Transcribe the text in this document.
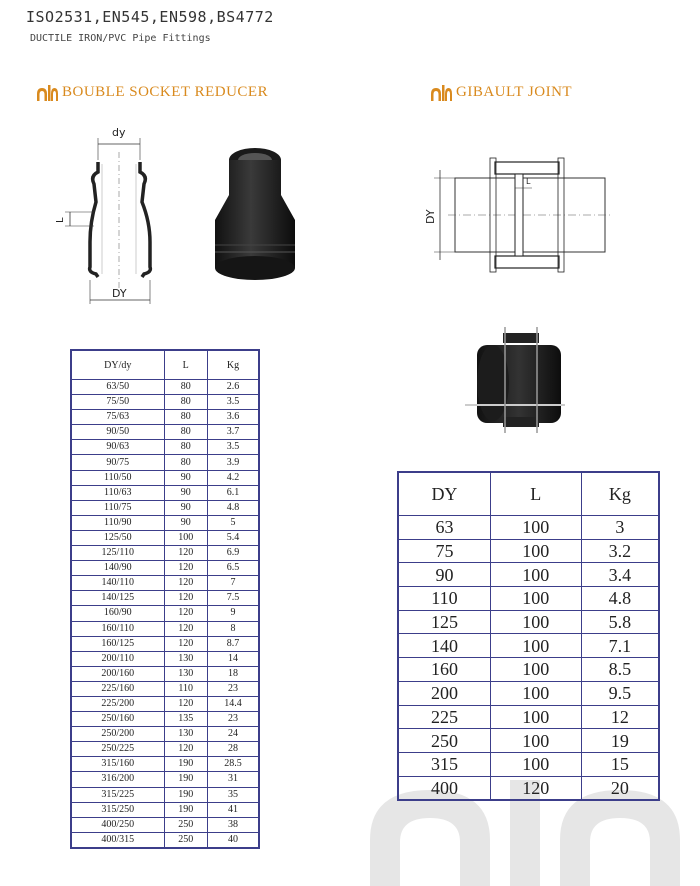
ISO2531,EN545,EN598,BS4772
DUCTILE IRON/PVC Pipe Fittings
BOUBLE SOCKET REDUCER	GIBAULT JOINT
dy
L
DY
DY
L
DY/dy	L	Kg
63/50	80	2.6
75/50	80	3.5
75/63	80	3.6
90/50	80	3.7
90/63	80	3.5
90/75	80	3.9
110/50	90	4.2
110/63	90	6.1
110/75	90	4.8
110/90	90	5
125/50	100	5.4
125/110	120	6.9
140/90	120	6.5
140/110	120	7
140/125	120	7.5
160/90	120	9
160/110	120	8
160/125	120	8.7
200/110	130	14
200/160	130	18
225/160	110	23
225/200	120	14.4
250/160	135	23
250/200	130	24
250/225	120	28
315/160	190	28.5
316/200	190	31
315/225	190	35
315/250	190	41
400/250	250	38
400/315	250	40
DY	L	Kg
63	100	3
75	100	3.2
90	100	3.4
110	100	4.8
125	100	5.8
140	100	7.1
160	100	8.5
200	100	9.5
225	100	12
250	100	19
315	100	15
400	120	20
